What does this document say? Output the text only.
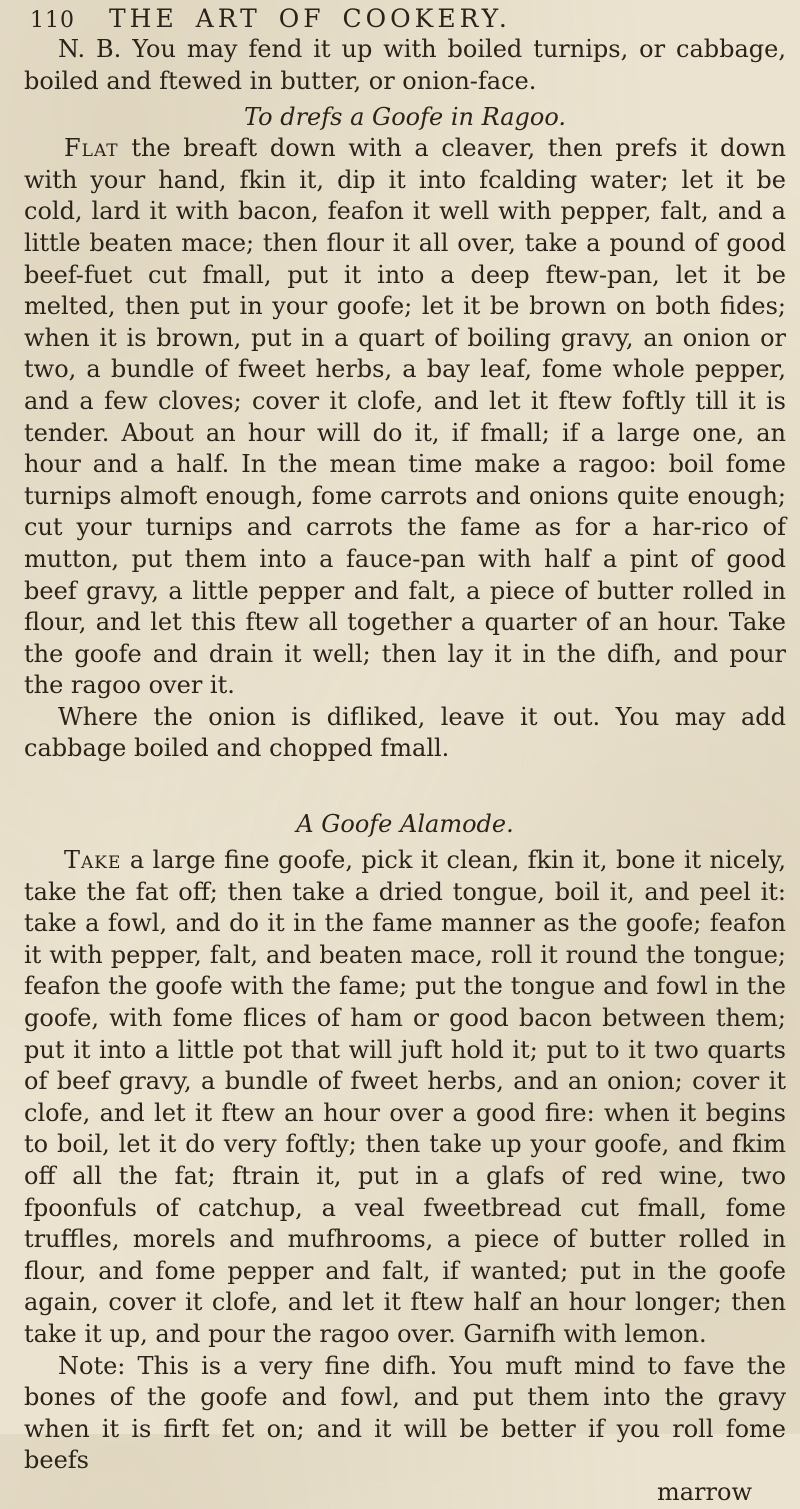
110 THE ART OF COOKERY.

N. B. You may fend it up with boiled turnips, or cabbage, boiled and ftewed in butter, or onion-face.

To drefs a Goofe in Ragoo.

Flat the breaft down with a cleaver, then prefs it down with your hand, fkin it, dip it into fcalding water; let it be cold, lard it with bacon, feafon it well with pepper, falt, and a little beaten mace; then flour it all over, take a pound of good beef-fuet cut fmall, put it into a deep ftew-pan, let it be melted, then put in your goofe; let it be brown on both fides; when it is brown, put in a quart of boiling gravy, an onion or two, a bundle of fweet herbs, a bay leaf, fome whole pepper, and a few cloves; cover it clofe, and let it ftew foftly till it is tender. About an hour will do it, if fmall; if a large one, an hour and a half. In the mean time make a ragoo: boil fome turnips almoft enough, fome carrots and onions quite enough; cut your turnips and carrots the fame as for a har-rico of mutton, put them into a fauce-pan with half a pint of good beef gravy, a little pepper and falt, a piece of butter rolled in flour, and let this ftew all together a quarter of an hour. Take the goofe and drain it well; then lay it in the difh, and pour the ragoo over it.

Where the onion is difliked, leave it out. You may add cabbage boiled and chopped fmall.

A Goofe Alamode.

Take a large fine goofe, pick it clean, fkin it, bone it nicely, take the fat off; then take a dried tongue, boil it, and peel it: take a fowl, and do it in the fame manner as the goofe; feafon it with pepper, falt, and beaten mace, roll it round the tongue; feafon the goofe with the fame; put the tongue and fowl in the goofe, with fome flices of ham or good bacon between them; put it into a little pot that will juft hold it; put to it two quarts of beef gravy, a bundle of fweet herbs, and an onion; cover it clofe, and let it ftew an hour over a good fire: when it begins to boil, let it do very foftly; then take up your goofe, and fkim off all the fat; ftrain it, put in a glafs of red wine, two fpoonfuls of catchup, a veal fweetbread cut fmall, fome truffles, morels and mufhrooms, a piece of butter rolled in flour, and fome pepper and falt, if wanted; put in the goofe again, cover it clofe, and let it ftew half an hour longer; then take it up, and pour the ragoo over. Garnifh with lemon.

Note: This is a very fine difh. You muft mind to fave the bones of the goofe and fowl, and put them into the gravy when it is firft fet on; and it will be better if you roll fome beefs

marrow
